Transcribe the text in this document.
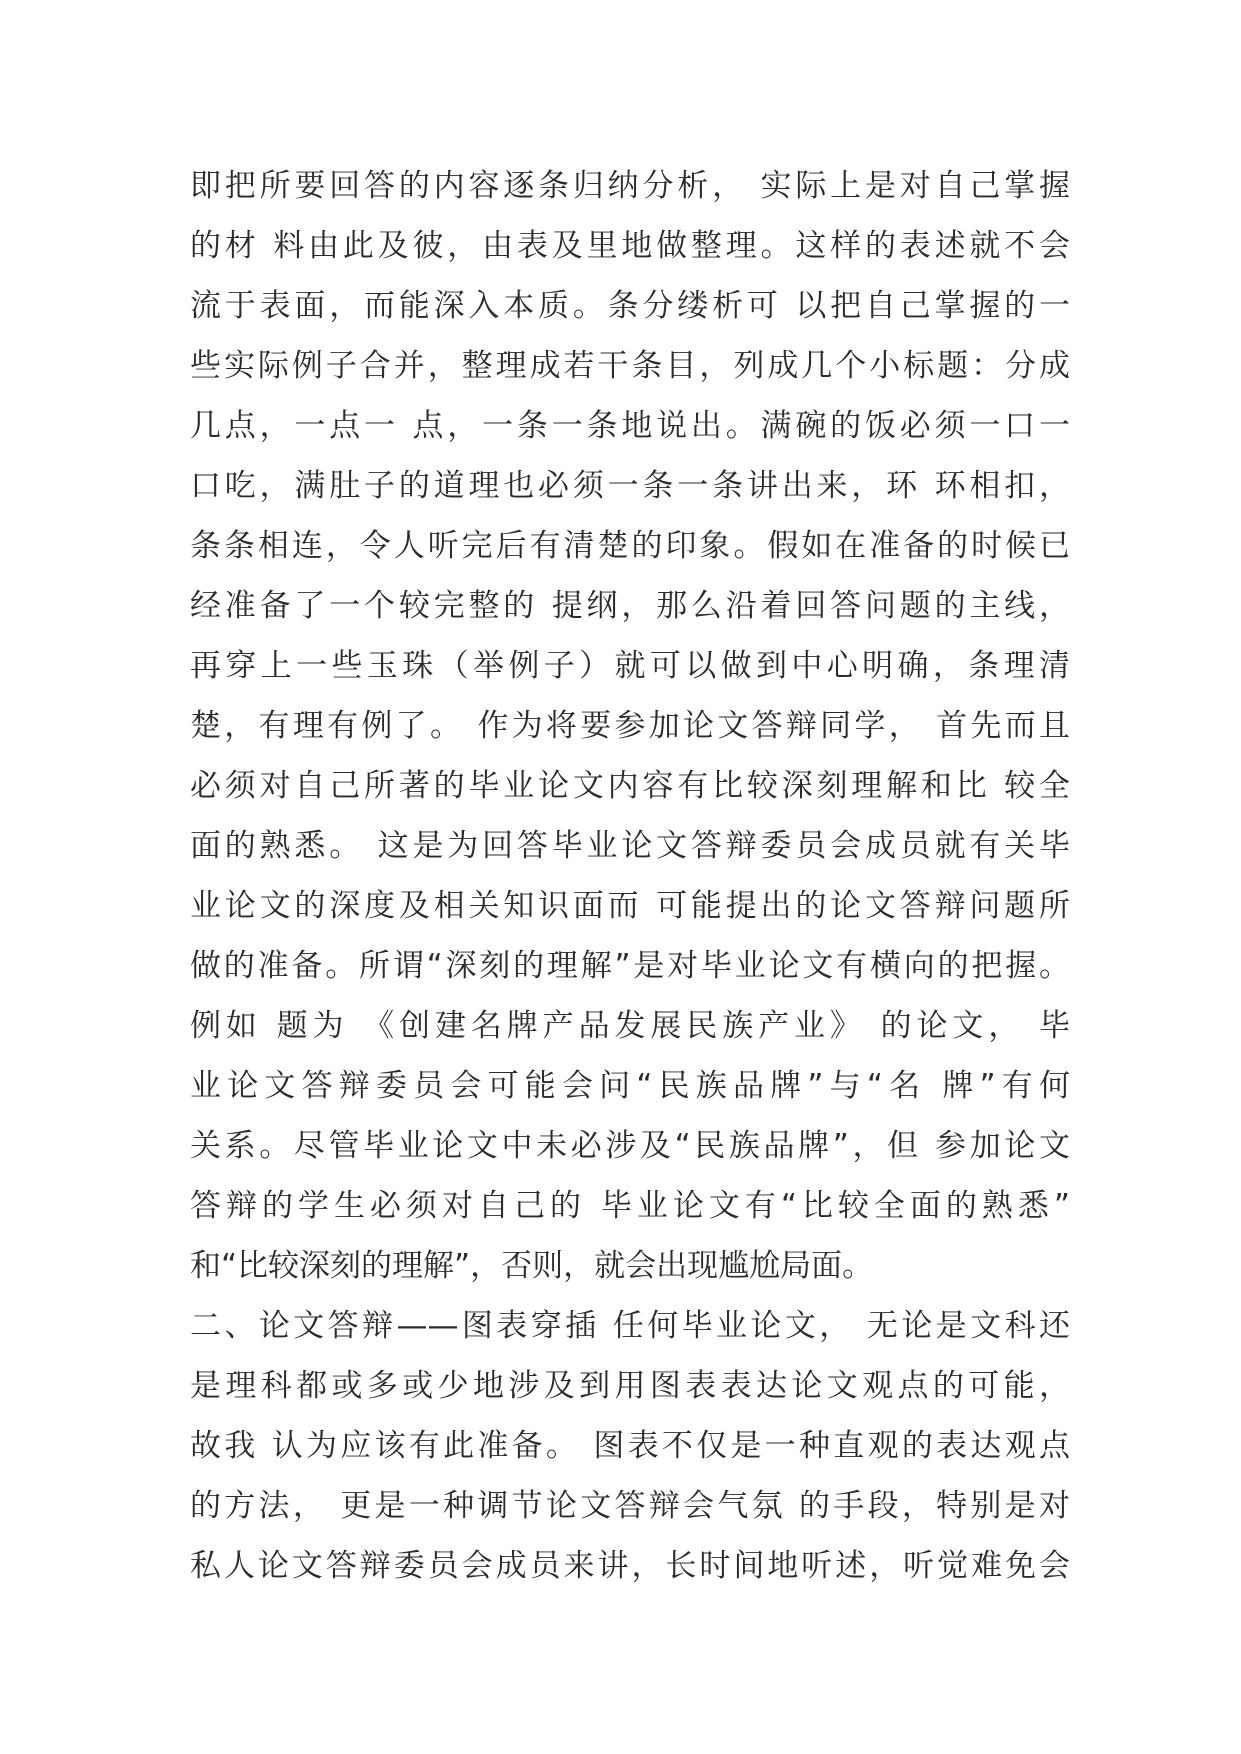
即把所要回答的内容逐条归纳分析， 实际上是对自己掌握
的材 料由此及彼，由表及里地做整理。这样的表述就不会
流于表面，而能深入本质。条分缕析可 以把自己掌握的一
些实际例子合并，整理成若干条目，列成几个小标题：分成
几点，一点一 点，一条一条地说出。满碗的饭必须一口一
口吃，满肚子的道理也必须一条一条讲出来，环 环相扣，
条条相连，令人听完后有清楚的印象。假如在准备的时候已
经准备了一个较完整的 提纲，那么沿着回答问题的主线，
再穿上一些玉珠（举例子）就可以做到中心明确，条理清
楚，有理有例了。 作为将要参加论文答辩同学， 首先而且
必须对自己所著的毕业论文内容有比较深刻理解和比 较全
面的熟悉。 这是为回答毕业论文答辩委员会成员就有关毕
业论文的深度及相关知识面而 可能提出的论文答辩问题所
做的准备。所谓“深刻的理解”是对毕业论文有横向的把握。
例如 题为 《创建名牌产品发展民族产业》 的论文， 毕
业论文答辩委员会可能会问“民族品牌”与“名 牌”有何
关系。尽管毕业论文中未必涉及“民族品牌”，但 参加论文
答辩的学生必须对自己的 毕业论文有“比较全面的熟悉”
和“比较深刻的理解”，否则，就会出现尴尬局面。
二、论文答辩——图表穿插 任何毕业论文， 无论是文科还
是理科都或多或少地涉及到用图表表达论文观点的可能，
故我 认为应该有此准备。 图表不仅是一种直观的表达观点
的方法， 更是一种调节论文答辩会气氛 的手段，特别是对
私人论文答辩委员会成员来讲，长时间地听述，听觉难免会
